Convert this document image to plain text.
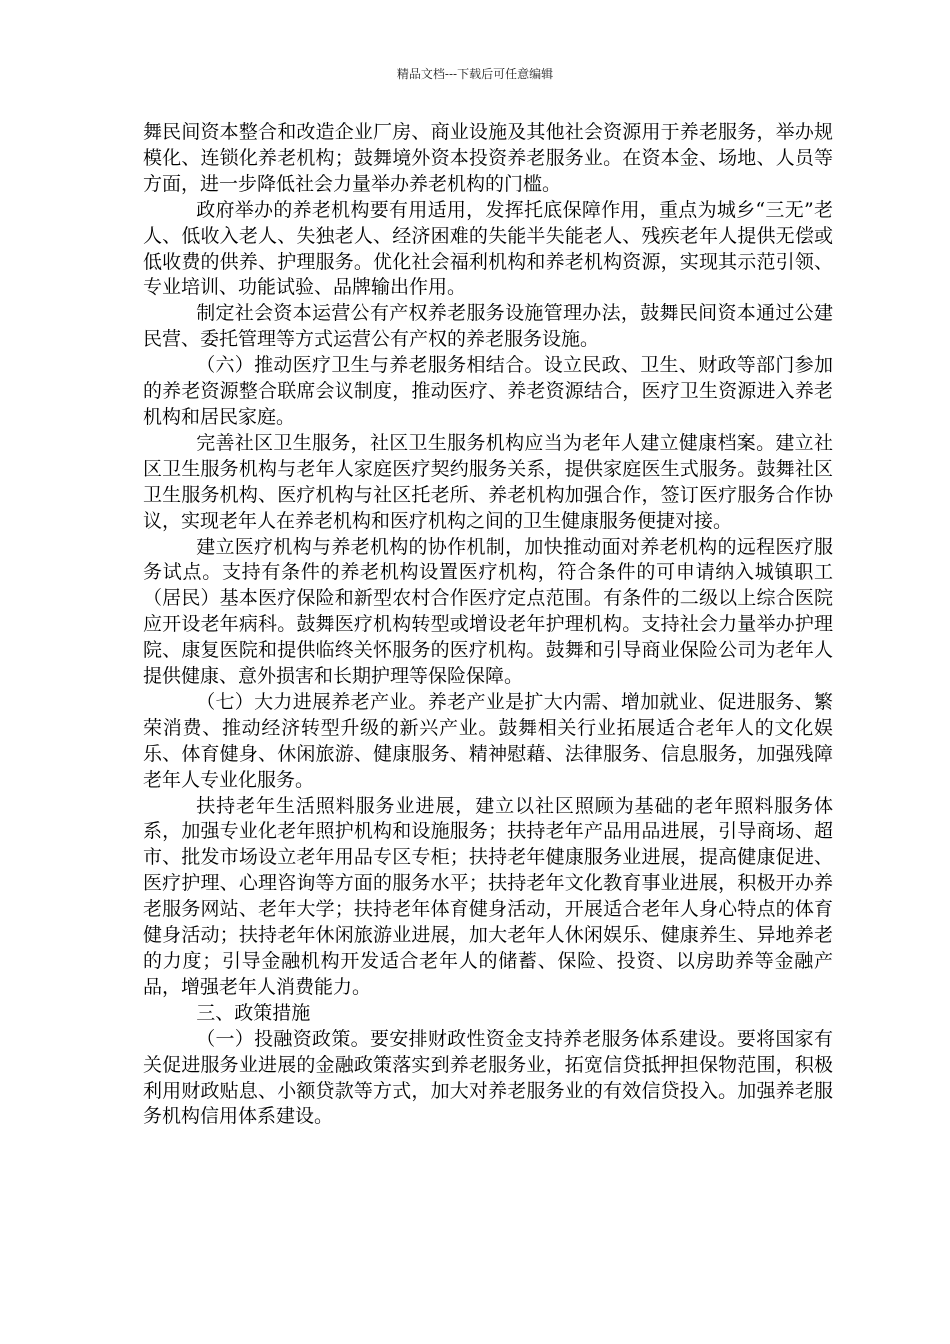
精品文档---下载后可任意编辑

舞民间资本整合和改造企业厂房、商业设施及其他社会资源用于养老服务，举办规模化、连锁化养老机构；鼓舞境外资本投资养老服务业。在资本金、场地、人员等方面，进一步降低社会力量举办养老机构的门槛。

政府举办的养老机构要有用适用，发挥托底保障作用，重点为城乡“三无”老人、低收入老人、失独老人、经济困难的失能半失能老人、残疾老年人提供无偿或低收费的供养、护理服务。优化社会福利机构和养老机构资源，实现其示范引领、专业培训、功能试验、品牌输出作用。

制定社会资本运营公有产权养老服务设施管理办法，鼓舞民间资本通过公建民营、委托管理等方式运营公有产权的养老服务设施。

（六）推动医疗卫生与养老服务相结合。设立民政、卫生、财政等部门参加的养老资源整合联席会议制度，推动医疗、养老资源结合，医疗卫生资源进入养老机构和居民家庭。

完善社区卫生服务，社区卫生服务机构应当为老年人建立健康档案。建立社区卫生服务机构与老年人家庭医疗契约服务关系，提供家庭医生式服务。鼓舞社区卫生服务机构、医疗机构与社区托老所、养老机构加强合作，签订医疗服务合作协议，实现老年人在养老机构和医疗机构之间的卫生健康服务便捷对接。

建立医疗机构与养老机构的协作机制，加快推动面对养老机构的远程医疗服务试点。支持有条件的养老机构设置医疗机构，符合条件的可申请纳入城镇职工（居民）基本医疗保险和新型农村合作医疗定点范围。有条件的二级以上综合医院应开设老年病科。鼓舞医疗机构转型或增设老年护理机构。支持社会力量举办护理院、康复医院和提供临终关怀服务的医疗机构。鼓舞和引导商业保险公司为老年人提供健康、意外损害和长期护理等保险保障。

（七）大力进展养老产业。养老产业是扩大内需、增加就业、促进服务、繁荣消费、推动经济转型升级的新兴产业。鼓舞相关行业拓展适合老年人的文化娱乐、体育健身、休闲旅游、健康服务、精神慰藉、法律服务、信息服务，加强残障老年人专业化服务。

扶持老年生活照料服务业进展，建立以社区照顾为基础的老年照料服务体系，加强专业化老年照护机构和设施服务；扶持老年产品用品进展，引导商场、超市、批发市场设立老年用品专区专柜；扶持老年健康服务业进展，提高健康促进、医疗护理、心理咨询等方面的服务水平；扶持老年文化教育事业进展，积极开办养老服务网站、老年大学；扶持老年体育健身活动，开展适合老年人身心特点的体育健身活动；扶持老年休闲旅游业进展，加大老年人休闲娱乐、健康养生、异地养老的力度；引导金融机构开发适合老年人的储蓄、保险、投资、以房助养等金融产品，增强老年人消费能力。

三、政策措施

（一）投融资政策。要安排财政性资金支持养老服务体系建设。要将国家有关促进服务业进展的金融政策落实到养老服务业，拓宽信贷抵押担保物范围，积极利用财政贴息、小额贷款等方式，加大对养老服务业的有效信贷投入。加强养老服务机构信用体系建设。
